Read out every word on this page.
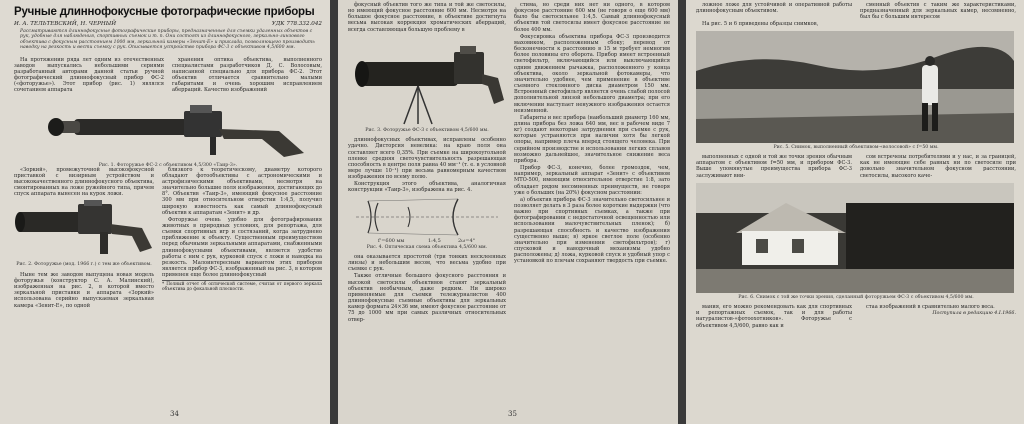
Ручные длиннофокусные фотографические приборы
И. А. ТЕЛЬТЕВСКИЙ, Н. ЧЕРНЫЙ	УДК 778.332.042
Рассматриваются длиннофокусные фотографические приборы, предназначенные для съемки удаленных объектов с рук, удобные для наблюдения, спортивных съемок и т. п. Они состоят из длиннофокусного, зеркально-линзового объектива с фокусным расстоянием 1000 мм, зеркальной камеры «Зенит-Е» и приклада, позволяющего производить наводку на резкость и вести съемку с рук. Описывается устройство прибора ФС-3 с объективом 4,5/600 мм.

На протяжении ряда лет одним из отечественных заводов выпускались небольшими сериями разработанный авторами данной статьи ручной фотографический длиннофокусный прибор ФС-2 («фоторужье»). Этот прибор (рис. 1) являлся сочетанием аппарата

хранения оптика объектива, выполненного специалистами разработчиков Д. С. Волосовым, написанной специально для прибора ФС-2. Этот объектив отличается сравнительно малыми габаритами и очень хорошим исправлением аберраций. Качество изображений

Рис. 1. Фоторужье ФС-2 с объективом 4,5/300 «Таир-3».

«Зоркий», промежуточной высокофокусной приставкой с визирным устройством и высококачественного длиннофокусного объектива, смонтированных на ложе ружейного типа, причем спуск аппарата вынесен на курок ложи.

Рис. 2. Фоторужье (мод. 1966 г.) с тем же объективом.

Ныне тем же заводом выпущена новая модель фоторужья (конструктор С. А. Малинский), изображенная на рис. 2, в которой вместо зеркальной приставки и аппарата «Зоркий» использована серийно выпускаемая зеркальная камера «Зенит-Е», по одной

близкого к теоретическому, диаметру которого обладают фотообъективы с астрономическими и астрофизическими объективами, несмотря на значительно большие поля изображения, достигающих до 8°. Объектив «Таир-3», имеющий фокусное расстояние 300 мм при относительном отверстии 1:4,5, получил широкую известность как самый длиннофокусный объектив к аппаратам «Зенит» и др.

Фоторужье очень удобно для фотографирования животных в природных условиях, для репортажа, для съемки спортивных игр и состязаний, когда затруднено приближение к объекту. Существенным преимуществом перед обычными зеркальными аппаратами, снабженными длиннофокусными объективами, является удобство работы с ним с рук, курковой спуск с ложи и наводка на резкость. Малоинтересным вариантом этих приборов является прибор ФС-3, изображенный на рис. 3, в котором применен еще более длиннофокусный

* Полный отчет об оптической системе, считая от первого зеркала объектива до фокальной плоскости.
34

фокусный объектив того же типа и той же светосилы, но имеющий фокусное расстояние 600 мм. Несмотря на большое фокусное расстояние, в объективе достигнута весьма высокая коррекция хроматических аберраций, всегда составляющая большую проблему в

Рис. 3. Фоторужье ФС-3 с объективом 4,5/600 мм.

длиннофокусных объективах, исправлены особенно удачно. Дисторсия невелика: на краю поля она составляет всего 0,35%. При съемке на широкоугольной пленке средняя светочувствительность разрешающая способность в центре поля равна 40 мм⁻¹ (т. е. в условной мере лучше 10⁻¹) при весьма равномерным качеством изображения по всему полю.

Конструкция этого объектива, аналогичная конструкции «Таир-3», изображена на рис. 4.

f'=600 мм	1:4,5	2ω=4°
Рис. 4. Оптическая схема объектива 4,5/600 мм.

она оказывается простотой (три тонких несклеенных линзы) и небольшим весом, что весьма удобно при съемке с рук.

Также отличные большого фокусного расстояния и высокой светосилы объективов ставят зеркальный объектив необычным, даже редким. Ни широко применяемые для съемки тележурналистов 400 длиннофокусные съемные объективы для зеркальных камер формата 24×36 мм, имеют фокусное расстояние от 75 до 1000 мм при самых различных относительных отвер-

стима, но среди них нет ни одного, в котором фокусное расстояние 600 мм (не говоря о еще 600 мм) было бы светосильнее 1:4,5. Самый длиннофокусный объектив той светосилы имеет фокусное расстояние не более 400 мм.

Фокусировка объектива прибора ФС-3 производится маховиком, расположенным сбоку; перевод от бесконечности к расстоянию в 15 м требует немногим более половины его оборота. Прибор имеет встроенный светофильтр, включающийся или выключающийся одним движением рычажка, расположенного у конца объектива, около зеркальной фотокамеры, что значительно удобнее, чем применение в объективе съемного стеклянного диска диаметром 150 мм. Встроенный светофильтр является очень слабой полосой дополнительной линзой небольшого диаметра; при его включении наступает ненужного изображения остается неизменной.

Габариты и вес прибора (наибольший диаметр 160 мм, длина прибора без ложа 640 мм, вес в рабочем виде 7 кг) создают некоторые затруднения при съемке с рук, которые устраняются при наличии хотя бы легкой опоры, например плеча вперед стоящего человека. При серийном производстве и использовании легких сплавов возможно дальнейшее, значительное снижение веса прибора.

Прибор ФС-3, конечно, более громоздок, чем, например, зеркальный аппарат «Зенит» с объективом МТО-500, имеющим относительное отверстие 1:8, зато обладает рядом несомненных преимуществ, не говоря уже о больших (на 20%) фокусном расстоянии:

а) объектив прибора ФС-3 значительно светосильнее и позволяет делать в 3 раза более короткие выдержки (что важно при спортивных съемках, а также при фотографировании с недостаточной освещенностью или использовании малочувствительных пленок); б) разрешающая способность и качество изображения существенно выше; в) яркое светлое поле (особенно значительно при изменении светофильтров); г) спусковой и наводочный механизмы удобно расположены; д) ложа, курковой спуск и удобный упор с установкой по плечам сохраняют твердость при съемке.

35

ложное ложе для устойчивой и оперативной работы длиннофокусным объективом.

сменный объектив с таким же характеристиками, предназначенный для зеркальных камер, несомненно, был бы с большим интересом

На рис. 5 и 6 приведены образцы снимков,
Рис. 5. Снимок, выполненный объективом-«волосовой» с f=50 мм.

выполненных с одной и той же точки зрения обычным аппаратом с объективом f=50 мм, и прибором ФС-3. Выше упомянутые преимущества прибора ФС-3 заслуживают вни-

сом встречены потребителями и у нас, и за границей, как не имеющие себе равных ни по светосиле при довольно значительном фокусном расстоянии, светосилы, высокого каче-

Рис. 6. Снимок с той же точки зрения, сделанный фоторужьем ФС-3 с объективом 4,5/600 мм.

мания, его можно рекомендовать как для спортивных и репортажных съемок, так и для работы натуралистов-«фотоохотников». Фоторужье с объективом 4,5/600, равно как и

стаа изображений в сравнительно малого веса.

Поступила в редакцию 4.I.1966.
